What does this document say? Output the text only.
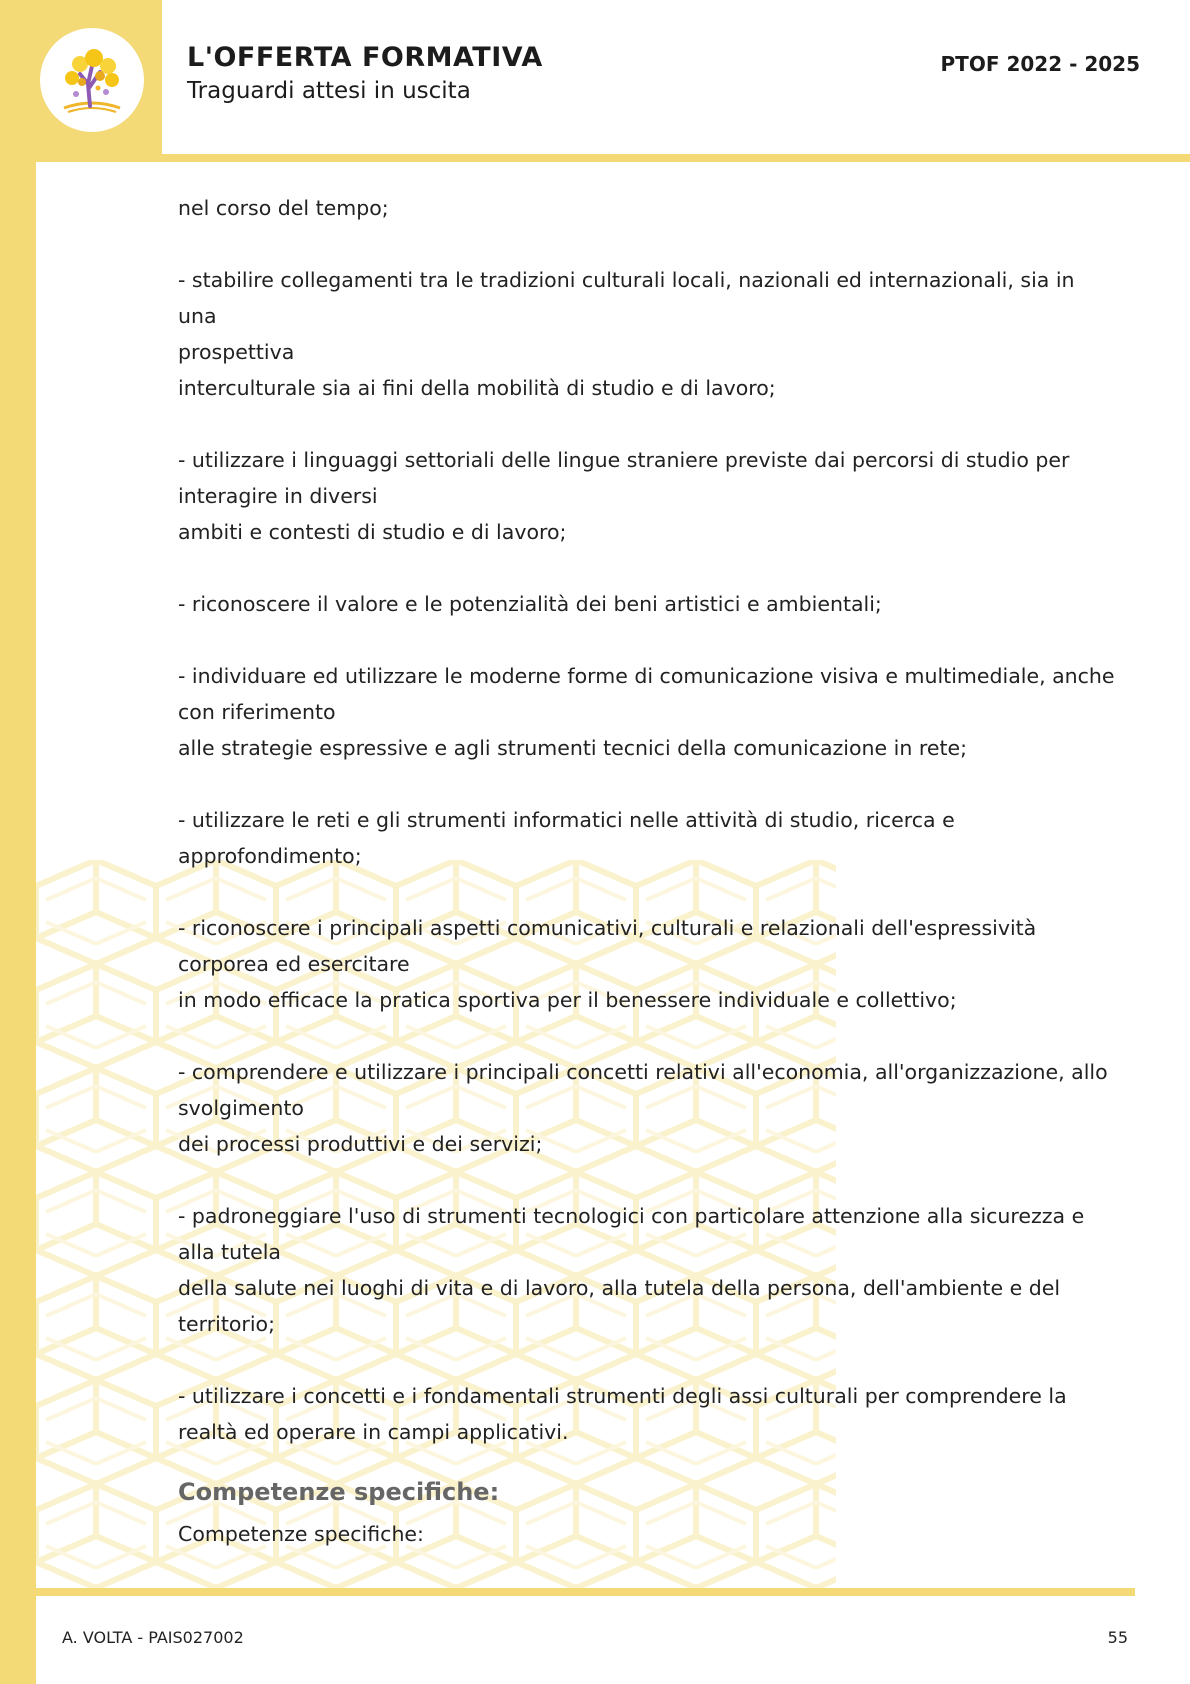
L'OFFERTA FORMATIVA
Traguardi attesi in uscita
PTOF 2022 - 2025
nel corso del tempo;
- stabilire collegamenti tra le tradizioni culturali locali, nazionali ed internazionali, sia in una
prospettiva
interculturale sia ai fini della mobilità di studio e di lavoro;
- utilizzare i linguaggi settoriali delle lingue straniere previste dai percorsi di studio per
interagire in diversi
ambiti e contesti di studio e di lavoro;
- riconoscere il valore e le potenzialità dei beni artistici e ambientali;
- individuare ed utilizzare le moderne forme di comunicazione visiva e multimediale, anche
con riferimento
alle strategie espressive e agli strumenti tecnici della comunicazione in rete;
- utilizzare le reti e gli strumenti informatici nelle attività di studio, ricerca e
approfondimento;
- riconoscere i principali aspetti comunicativi, culturali e relazionali dell'espressività
corporea ed esercitare
in modo efficace la pratica sportiva per il benessere individuale e collettivo;
- comprendere e utilizzare i principali concetti relativi all'economia, all'organizzazione, allo
svolgimento
dei processi produttivi e dei servizi;
- padroneggiare l'uso di strumenti tecnologici con particolare attenzione alla sicurezza e
alla tutela
della salute nei luoghi di vita e di lavoro, alla tutela della persona, dell'ambiente e del
territorio;
- utilizzare i concetti e i fondamentali strumenti degli assi culturali per comprendere la
realtà ed operare in campi applicativi.
Competenze specifiche:
Competenze specifiche:
A. VOLTA - PAIS027002	55
